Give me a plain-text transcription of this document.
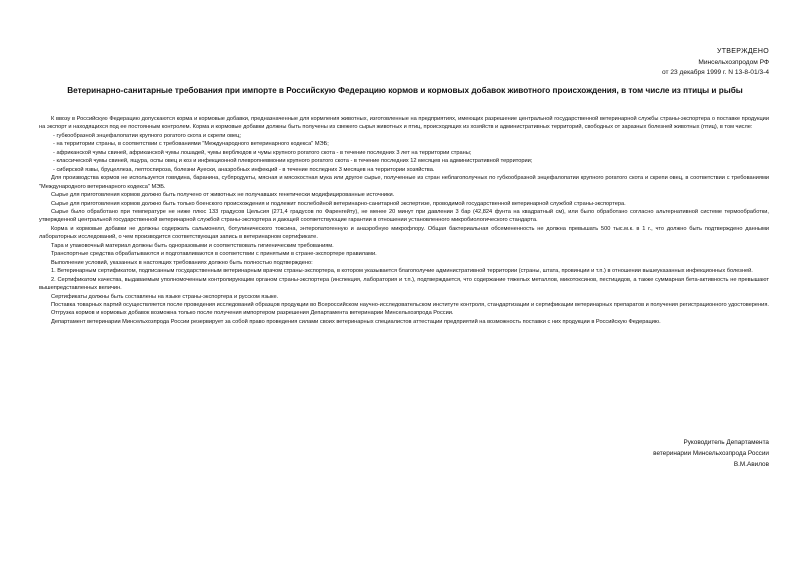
УТВЕРЖДЕНО
Минсельхозпродом РФ
от 23 декабря 1999 г. N 13-8-01/3-4
Ветеринарно-санитарные требования при импорте в Российскую Федерацию кормов и кормовых добавок животного происхождения, в том числе из птицы и рыбы

К ввозу в Российскую Федерацию допускаются корма и кормовые добавки, предназначенные для кормления животных, изготовленные на предприятиях, имеющих разрешение центральной государственной ветеринарной службы страны-экспортера о поставке продукции на экспорт и находящихся под ее постоянным контролем. Корма и кормовые добавки должны быть получены из свежего сырья животных и птиц, происходящих из хозяйств и административных территорий, свободных от заразных болезней животных (птиц), в том числе:

- губкообразной энцефалопатии крупного рогатого скота и скрепи овец;

- на территории страны, в соответствии с требованиями "Международного ветеринарного кодекса" МЭБ;

- африканской чумы свиней, африканской чумы лошадей, чумы верблюдов и чумы крупного рогатого скота - в течение последних 3 лет на территории страны;

- классической чумы свиней, ящура, оспы овец и коз и инфекционной плевропневмонии крупного рогатого скота - в течение последних 12 месяцев на административной территории;

- сибирской язвы, бруцеллеза, лептоспироза, болезни Ауески, анаэробных инфекций - в течение последних 3 месяцев на территории хозяйства.

Для производства кормов не используется говядина, баранина, субпродукты, мясная и мясокостная мука или другое сырье, полученные из стран неблагополучных по губкообразной энцефалопатии крупного рогатого скота и скрепи овец, в соответствии с требованиями "Международного ветеринарного кодекса" МЭБ.

Сырье для приготовления кормов должно быть получено от животных не получавших генетически модифицированные источники.

Сырье для приготовления кормов должно быть только боенского происхождения и подлежит послебойной ветеринарно-санитарной экспертизе, проводимой государственной ветеринарной службой страны-экспортера.

Сырье было обработано при температуре не ниже плюс 133 градусов Цельсия (271,4 градусов по Фаренгейту), не менее 20 минут при давлении 3 бар (42,824 фунта на квадратный см), или было обработано согласно альтернативной системе термообработки, утвержденной центральной государственной ветеринарной службой страны-экспортера и дающей соответствующие гарантии в отношении установленного микробиологического стандарта.

Корма и кормовые добавки не должны содержать сальмонелл, ботулинического токсина, энтеропатогенную и анаэробную микрофлору. Общая бактериальная обсемененность не должна превышать 500 тыс.м.к. в 1 г., что должно быть подтверждено данными лабораторных исследований, о чем производится соответствующая запись в ветеринарном сертификате.

Тара и упаковочный материал должны быть одноразовыми и соответствовать гигиеническим требованиям.

Транспортные средства обрабатываются и подготавливаются в соответствии с принятыми в стране-экспортере правилами.

Выполнение условий, указанных в настоящих требованиях должно быть полностью подтверждено:

1. Ветеринарным сертификатом, подписанным государственным ветеринарным врачом страны-экспортера, в котором указывается благополучие административной территории (страны, штата, провинции и т.п.) в отношении вышеуказанных инфекционных болезней.

2. Сертификатом качества, выдаваемым уполномоченным контролирующим органом страны-экспортера (инспекция, лаборатория и т.п.), подтверждается, что содержание тяжелых металлов, микотоксинов, пестицидов, а также суммарная бета-активность не превышают вышепредставленных величин.

Сертификаты должны быть составлены на языке страны-экспортера и русском языке.

Поставка товарных партий осуществляется после проведения исследований образцов продукции во Всероссийском научно-исследовательском институте контроля, стандартизации и сертификации ветеринарных препаратов и получения регистрационного удостоверения.

Отгрузка кормов и кормовых добавок возможна только после получения импортером разрешения Департамента ветеринарии Минсельхозпрода России.

Департамент ветеринарии Минсельхозпрода России резервирует за собой право проведения силами своих ветеринарных специалистов аттестации предприятий на возможность поставки с них продукции в Российскую Федерацию.

Руководитель Департамента
ветеринарии Минсельхозпрода России
В.М.Авилов
